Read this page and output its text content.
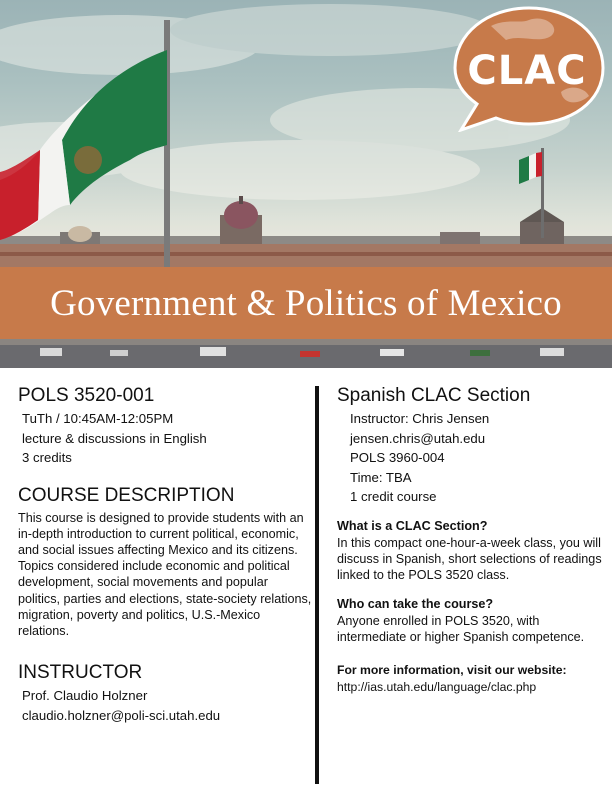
Government & Politics of Mexico
CLAC

POLS 3520-001

TuTh / 10:45AM-12:05PM
lecture & discussions in English
3 credits

COURSE DESCRIPTION

This course is designed to provide students with an in-depth introduction to current political, economic, and social issues affecting Mexico and its citizens. Topics considered include economic and political development, social movements and popular politics, parties and elections, state-society relations, migration, poverty and politics, U.S.-Mexico relations.

INSTRUCTOR

Prof. Claudio Holzner
claudio.holzner@poli-sci.utah.edu

Spanish CLAC Section

Instructor: Chris Jensen
jensen.chris@utah.edu
POLS 3960-004
Time: TBA
1 credit course

What is a CLAC Section?

In this compact one-hour-a-week class, you will discuss in Spanish, short selections of readings linked to the POLS 3520 class.

Who can take the course?

Anyone enrolled in POLS 3520, with intermediate or higher Spanish competence.

For more information, visit our website:

http://ias.utah.edu/language/clac.php
